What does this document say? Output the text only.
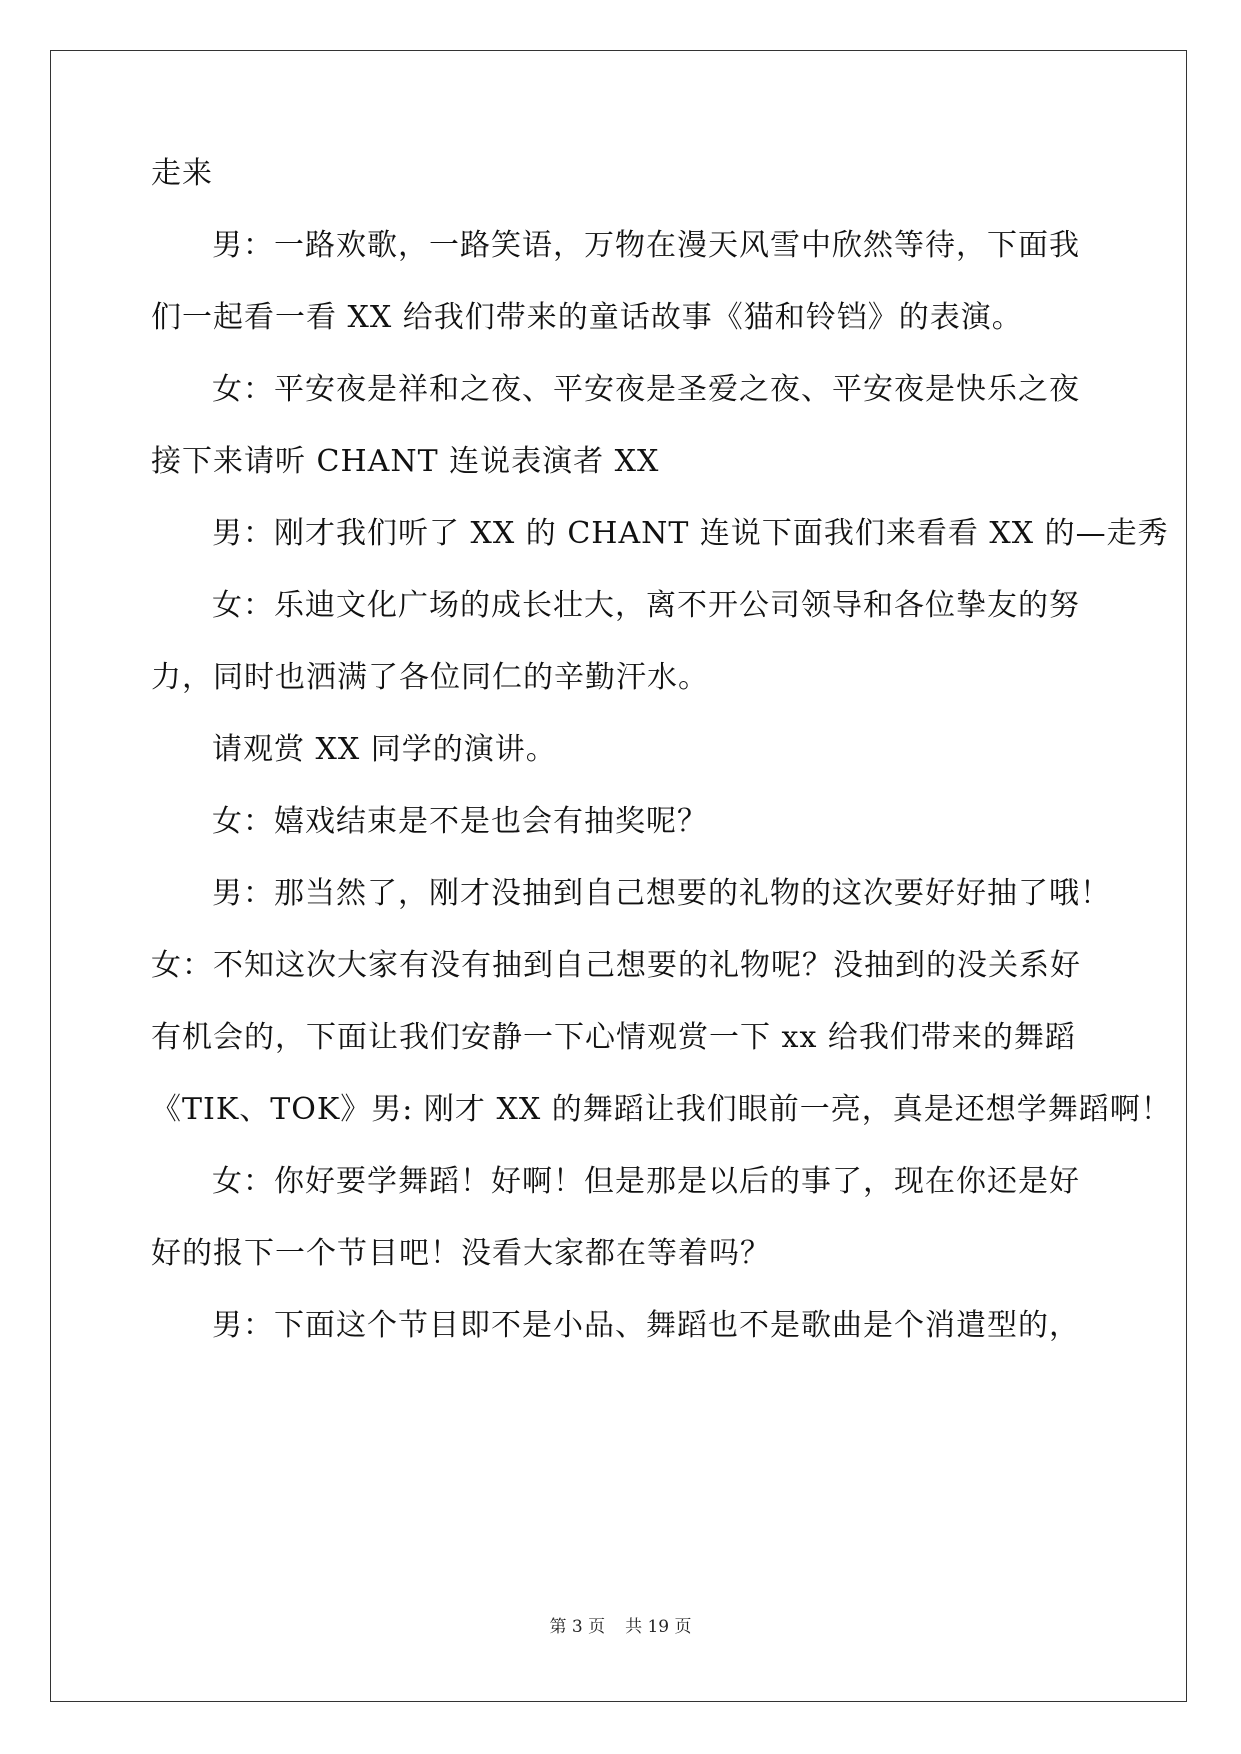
走来
男：一路欢歌，一路笑语，万物在漫天风雪中欣然等待，下面我
们一起看一看 XX 给我们带来的童话故事《猫和铃铛》的表演。
女：平安夜是祥和之夜、平安夜是圣爱之夜、平安夜是快乐之夜
接下来请听 CHANT 连说表演者 XX
男：刚才我们听了 XX 的 CHANT 连说下面我们来看看 XX 的—走秀
女：乐迪文化广场的成长壮大，离不开公司领导和各位挚友的努
力，同时也洒满了各位同仁的辛勤汗水。
请观赏 XX 同学的演讲。
女：嬉戏结束是不是也会有抽奖呢？
男：那当然了，刚才没抽到自己想要的礼物的这次要好好抽了哦！
女：不知这次大家有没有抽到自己想要的礼物呢？没抽到的没关系好
有机会的，下面让我们安静一下心情观赏一下 xx 给我们带来的舞蹈
《TIK、TOK》男: 刚才 XX 的舞蹈让我们眼前一亮，真是还想学舞蹈啊！
女：你好要学舞蹈！好啊！但是那是以后的事了，现在你还是好
好的报下一个节目吧！没看大家都在等着吗？
男：下面这个节目即不是小品、舞蹈也不是歌曲是个消遣型的，
第 3 页 共 19 页
